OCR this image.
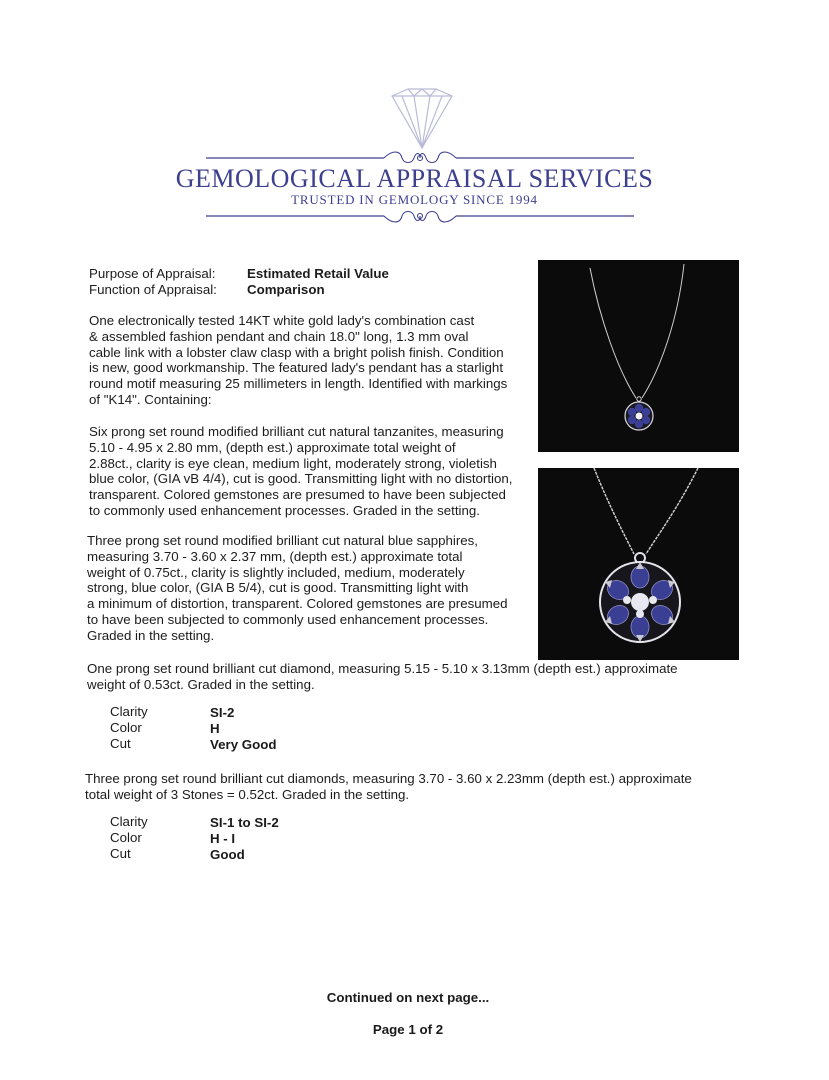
GEMOLOGICAL APPRAISAL SERVICES
TRUSTED IN GEMOLOGY SINCE 1994
Purpose of Appraisal: Estimated Retail Value
Function of Appraisal: Comparison
One electronically tested 14KT white gold lady's combination cast
& assembled fashion pendant and chain 18.0" long, 1.3 mm oval
cable link with a lobster claw clasp with a bright polish finish. Condition
is new, good workmanship. The featured lady's pendant has a starlight
round motif measuring 25 millimeters in length. Identified with markings
of "K14". Containing:
Six prong set round modified brilliant cut natural tanzanites, measuring
5.10 - 4.95 x 2.80 mm, (depth est.) approximate total weight of
2.88ct., clarity is eye clean, medium light, moderately strong, violetish
blue color, (GIA vB 4/4), cut is good. Transmitting light with no distortion,
transparent. Colored gemstones are presumed to have been subjected
to commonly used enhancement processes. Graded in the setting.
Three prong set round modified brilliant cut natural blue sapphires,
measuring 3.70 - 3.60 x 2.37 mm, (depth est.) approximate total
weight of 0.75ct., clarity is slightly included, medium, moderately
strong, blue color, (GIA B 5/4), cut is good. Transmitting light with
a minimum of distortion, transparent. Colored gemstones are presumed
to have been subjected to commonly used enhancement processes.
Graded in the setting.
One prong set round brilliant cut diamond, measuring 5.15 - 5.10 x 3.13mm (depth est.) approximate
weight of 0.53ct. Graded in the setting.
Clarity	SI-2
Color	H
Cut	Very Good
Three prong set round brilliant cut diamonds, measuring 3.70 - 3.60 x 2.23mm (depth est.) approximate
total weight of 3 Stones = 0.52ct. Graded in the setting.
Clarity	SI-1 to SI-2
Color	H - I
Cut	Good
Continued on next page...
Page 1 of 2
